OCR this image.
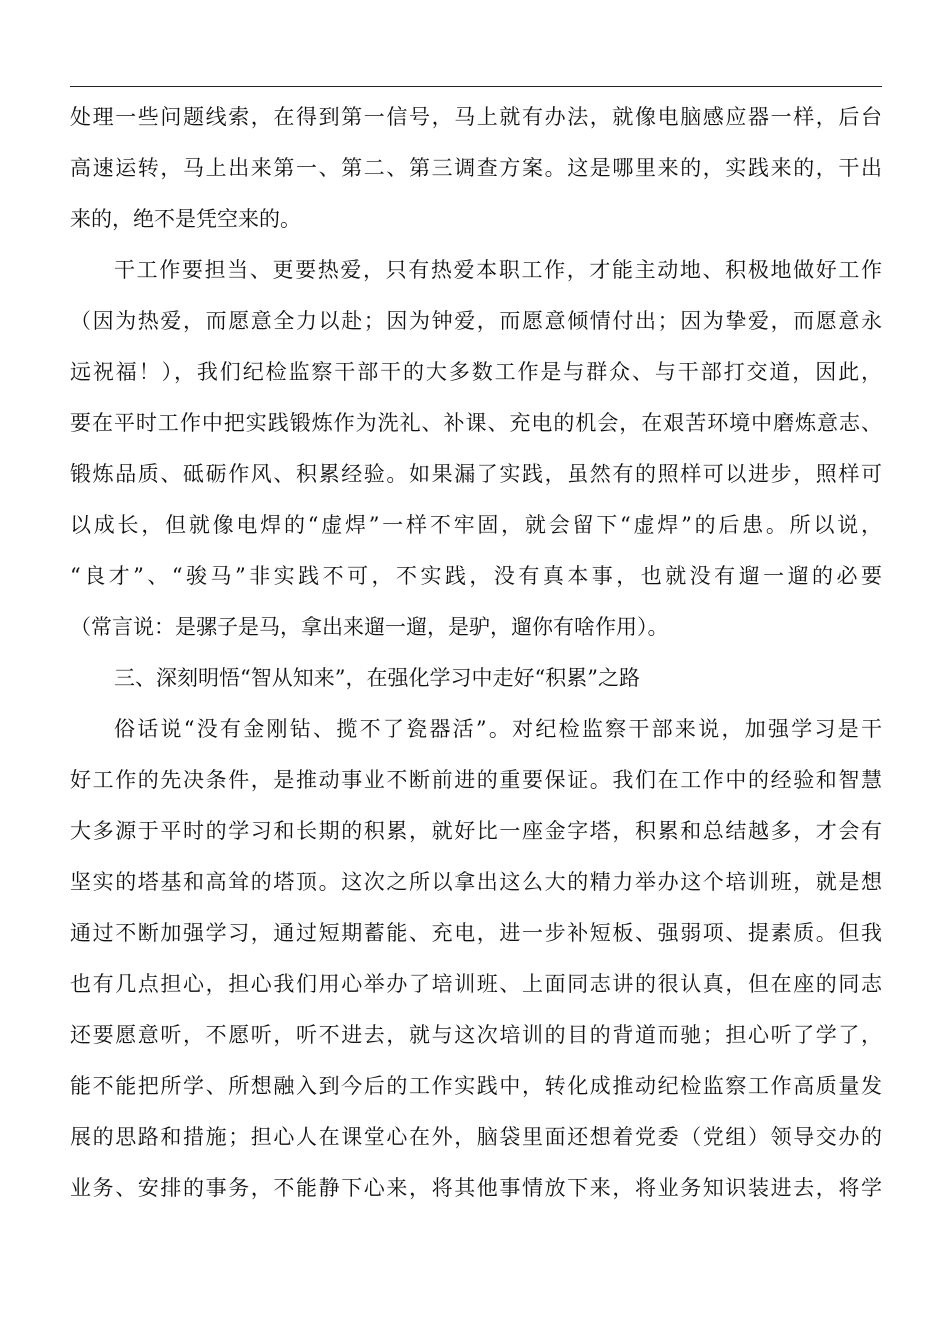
处理一些问题线索，在得到第一信号，马上就有办法，就像电脑感应器一样，后台
高速运转，马上出来第一、第二、第三调查方案。这是哪里来的，实践来的，干出
来的，绝不是凭空来的。
干工作要担当、更要热爱，只有热爱本职工作，才能主动地、积极地做好工作
（因为热爱，而愿意全力以赴；因为钟爱，而愿意倾情付出；因为挚爱，而愿意永
远祝福！），我们纪检监察干部干的大多数工作是与群众、与干部打交道，因此，
要在平时工作中把实践锻炼作为洗礼、补课、充电的机会，在艰苦环境中磨炼意志、
锻炼品质、砥砺作风、积累经验。如果漏了实践，虽然有的照样可以进步，照样可
以成长，但就像电焊的“虚焊”一样不牢固，就会留下“虚焊”的后患。所以说，
“良才”、“骏马”非实践不可，不实践，没有真本事，也就没有遛一遛的必要
（常言说：是骡子是马，拿出来遛一遛，是驴，遛你有啥作用）。
三、深刻明悟“智从知来”，在强化学习中走好“积累”之路
俗话说“没有金刚钻、揽不了瓷器活”。对纪检监察干部来说，加强学习是干
好工作的先决条件，是推动事业不断前进的重要保证。我们在工作中的经验和智慧
大多源于平时的学习和长期的积累，就好比一座金字塔，积累和总结越多，才会有
坚实的塔基和高耸的塔顶。这次之所以拿出这么大的精力举办这个培训班，就是想
通过不断加强学习，通过短期蓄能、充电，进一步补短板、强弱项、提素质。但我
也有几点担心，担心我们用心举办了培训班、上面同志讲的很认真，但在座的同志
还要愿意听，不愿听，听不进去，就与这次培训的目的背道而驰；担心听了学了，
能不能把所学、所想融入到今后的工作实践中，转化成推动纪检监察工作高质量发
展的思路和措施；担心人在课堂心在外，脑袋里面还想着党委（党组）领导交办的
业务、安排的事务，不能静下心来，将其他事情放下来，将业务知识装进去，将学
